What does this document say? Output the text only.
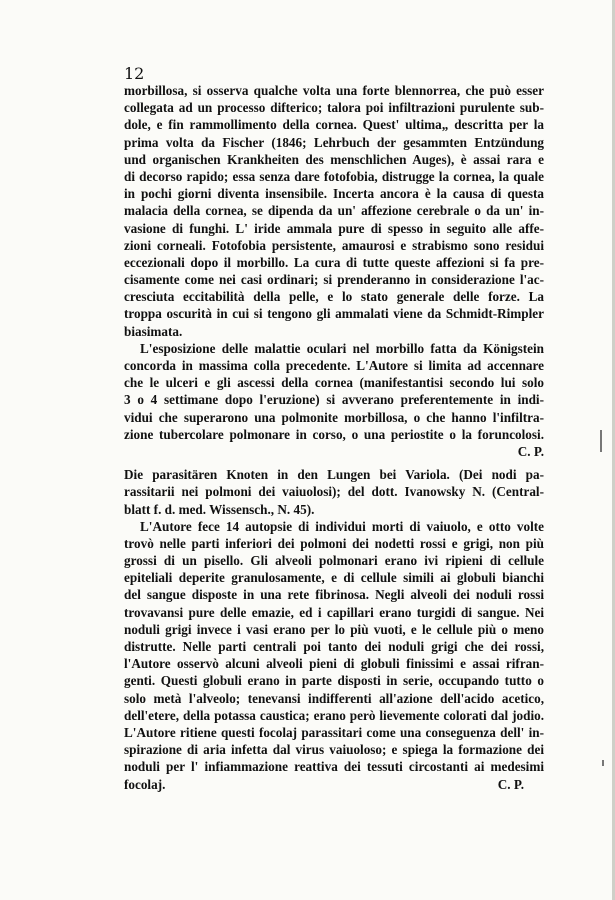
12
morbillosa, si osserva qualche volta una forte blennorrea, che può esser
collegata ad un processo difterico; talora poi infiltrazioni purulente sub-
dole, e fin rammollimento della cornea. Quest' ultima„ descritta per la
prima volta da Fischer (1846; Lehrbuch der gesammten Entzündung
und organischen Krankheiten des menschlichen Auges), è assai rara e
di decorso rapido; essa senza dare fotofobia, distrugge la cornea, la quale
in pochi giorni diventa insensibile. Incerta ancora è la causa di questa
malacia della cornea, se dipenda da un' affezione cerebrale o da un' in-
vasione di funghi. L' iride ammala pure di spesso in seguito alle affe-
zioni corneali. Fotofobia persistente, amaurosi e strabismo sono residui
eccezionali dopo il morbillo. La cura di tutte queste affezioni si fa pre-
cisamente come nei casi ordinari; si prenderanno in considerazione l'ac-
cresciuta eccitabilità della pelle, e lo stato generale delle forze. La
troppa oscurità in cui si tengono gli ammalati viene da Schmidt-Rimpler
biasimata.
L'esposizione delle malattie oculari nel morbillo fatta da Königstein
concorda in massima colla precedente. L'Autore si limita ad accennare
che le ulceri e gli ascessi della cornea (manifestantisi secondo lui solo
3 o 4 settimane dopo l'eruzione) si avverano preferentemente in indi-
vidui che superarono una polmonite morbillosa, o che hanno l'infiltra-
zione tubercolare polmonare in corso, o una periostite o la foruncolosi.
C. P.
Die parasitären Knoten in den Lungen bei Variola. (Dei nodi pa-
rassitarii nei polmoni dei vaiuolosi); del dott. Ivanowsky N. (Central-
blatt f. d. med. Wissensch., N. 45).
L'Autore fece 14 autopsie di individui morti di vaiuolo, e otto volte
trovò nelle parti inferiori dei polmoni dei nodetti rossi e grigi, non più
grossi di un pisello. Gli alveoli polmonari erano ivi ripieni di cellule
epiteliali deperite granulosamente, e di cellule simili ai globuli bianchi
del sangue disposte in una rete fibrinosa. Negli alveoli dei noduli rossi
trovavansi pure delle emazie, ed i capillari erano turgidi di sangue. Nei
noduli grigi invece i vasi erano per lo più vuoti, e le cellule più o meno
distrutte. Nelle parti centrali poi tanto dei noduli grigi che dei rossi,
l'Autore osservò alcuni alveoli pieni di globuli finissimi e assai rifran-
genti. Questi globuli erano in parte disposti in serie, occupando tutto o
solo metà l'alveolo; tenevansi indifferenti all'azione dell'acido acetico,
dell'etere, della potassa caustica; erano però lievemente colorati dal jodio.
L'Autore ritiene questi focolaj parassitari come una conseguenza dell' in-
spirazione di aria infetta dal virus vaiuoloso; e spiega la formazione dei
noduli per l' infiammazione reattiva dei tessuti circostanti ai medesimi
focolaj.	C. P.
